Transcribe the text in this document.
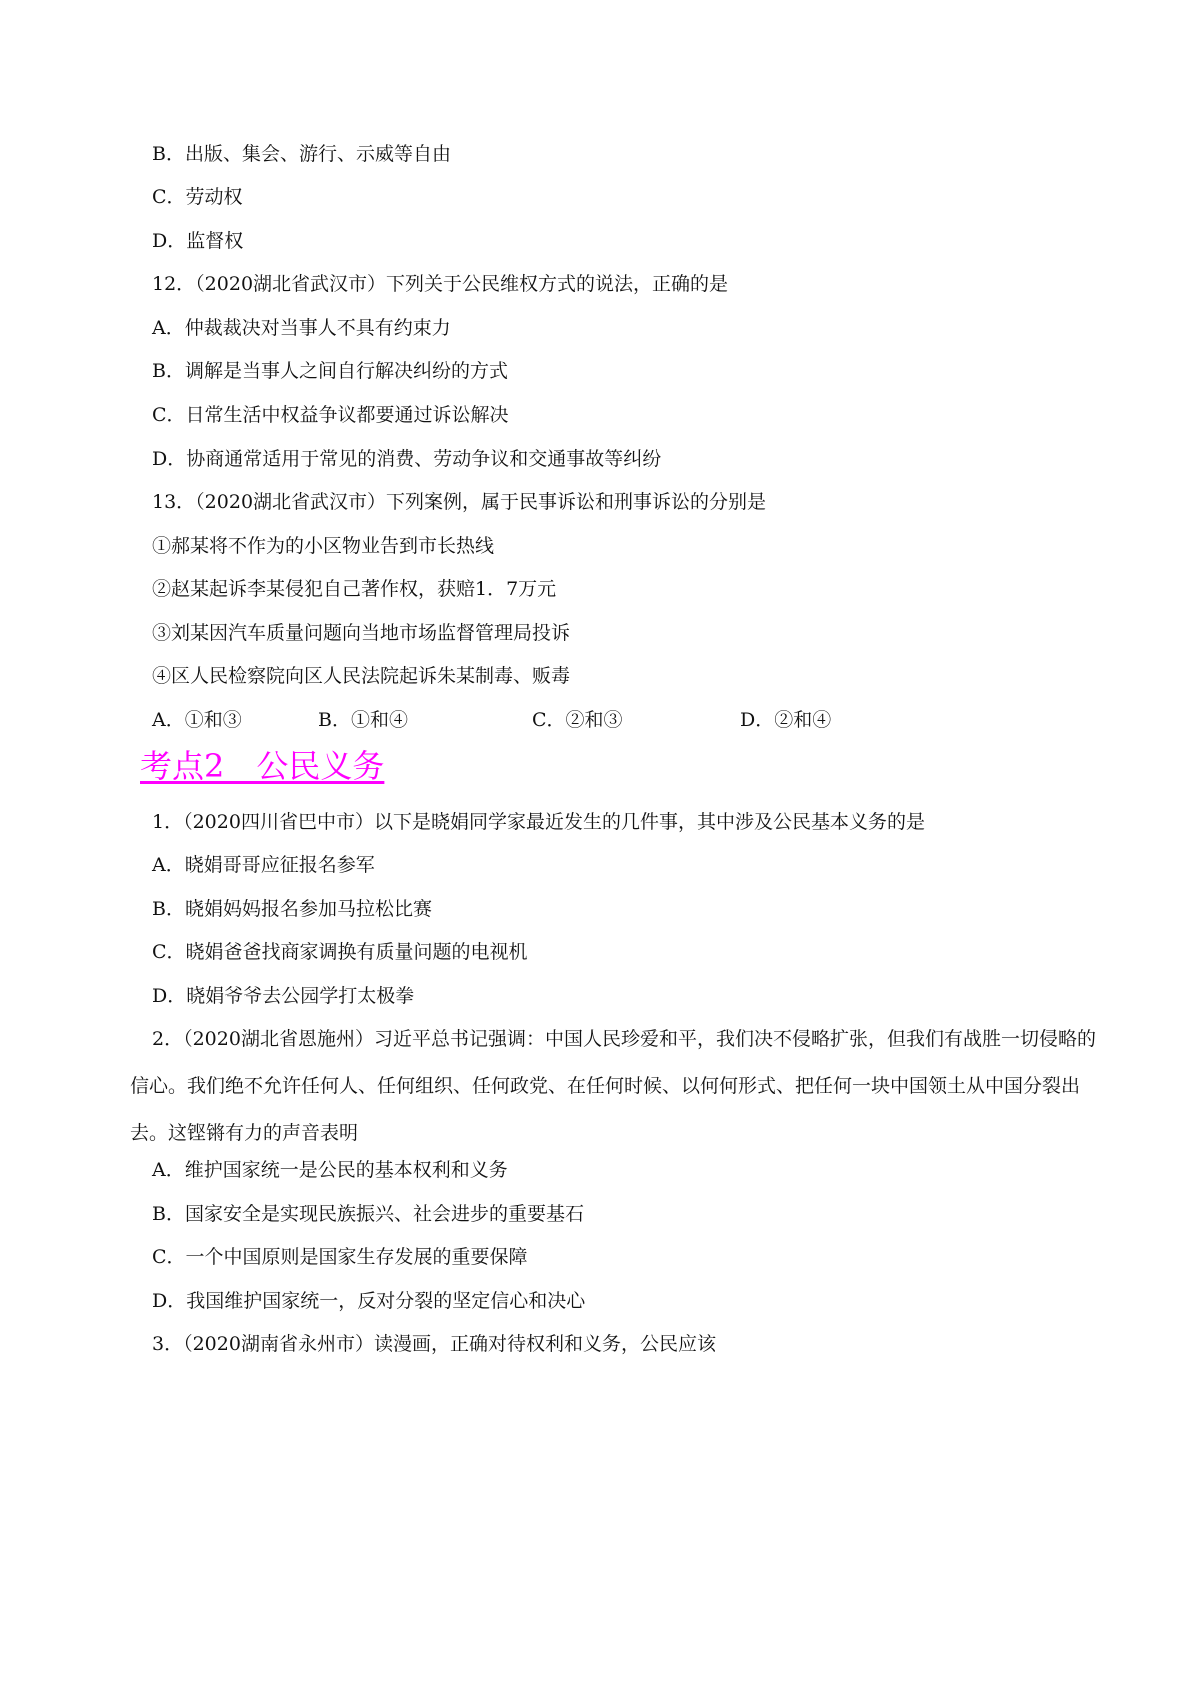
B．出版、集会、游行、示威等自由
C．劳动权
D．监督权
12．（2020湖北省武汉市）下列关于公民维权方式的说法，正确的是
A．仲裁裁决对当事人不具有约束力
B．调解是当事人之间自行解决纠纷的方式
C．日常生活中权益争议都要通过诉讼解决
D．协商通常适用于常见的消费、劳动争议和交通事故等纠纷
13．（2020湖北省武汉市）下列案例，属于民事诉讼和刑事诉讼的分别是
①郝某将不作为的小区物业告到市长热线
②赵某起诉李某侵犯自己著作权，获赔1．7万元
③刘某因汽车质量问题向当地市场监督管理局投诉
④区人民检察院向区人民法院起诉朱某制毒、贩毒
A．①和③	B．①和④	C．②和③	D．②和④
考点2　公民义务
1．（2020四川省巴中市）以下是晓娟同学家最近发生的几件事，其中涉及公民基本义务的是
A．晓娟哥哥应征报名参军
B．晓娟妈妈报名参加马拉松比赛
C．晓娟爸爸找商家调换有质量问题的电视机
D．晓娟爷爷去公园学打太极拳
2．（2020湖北省恩施州）习近平总书记强调：中国人民珍爱和平，我们决不侵略扩张，但我们有战胜一切侵略的信心。我们绝不允许任何人、任何组织、任何政党、在任何时候、以何何形式、把任何一块中国领土从中国分裂出去。这铿锵有力的声音表明
A．维护国家统一是公民的基本权利和义务
B．国家安全是实现民族振兴、社会进步的重要基石
C．一个中国原则是国家生存发展的重要保障
D．我国维护国家统一，反对分裂的坚定信心和决心
3．（2020湖南省永州市）读漫画，正确对待权利和义务，公民应该
